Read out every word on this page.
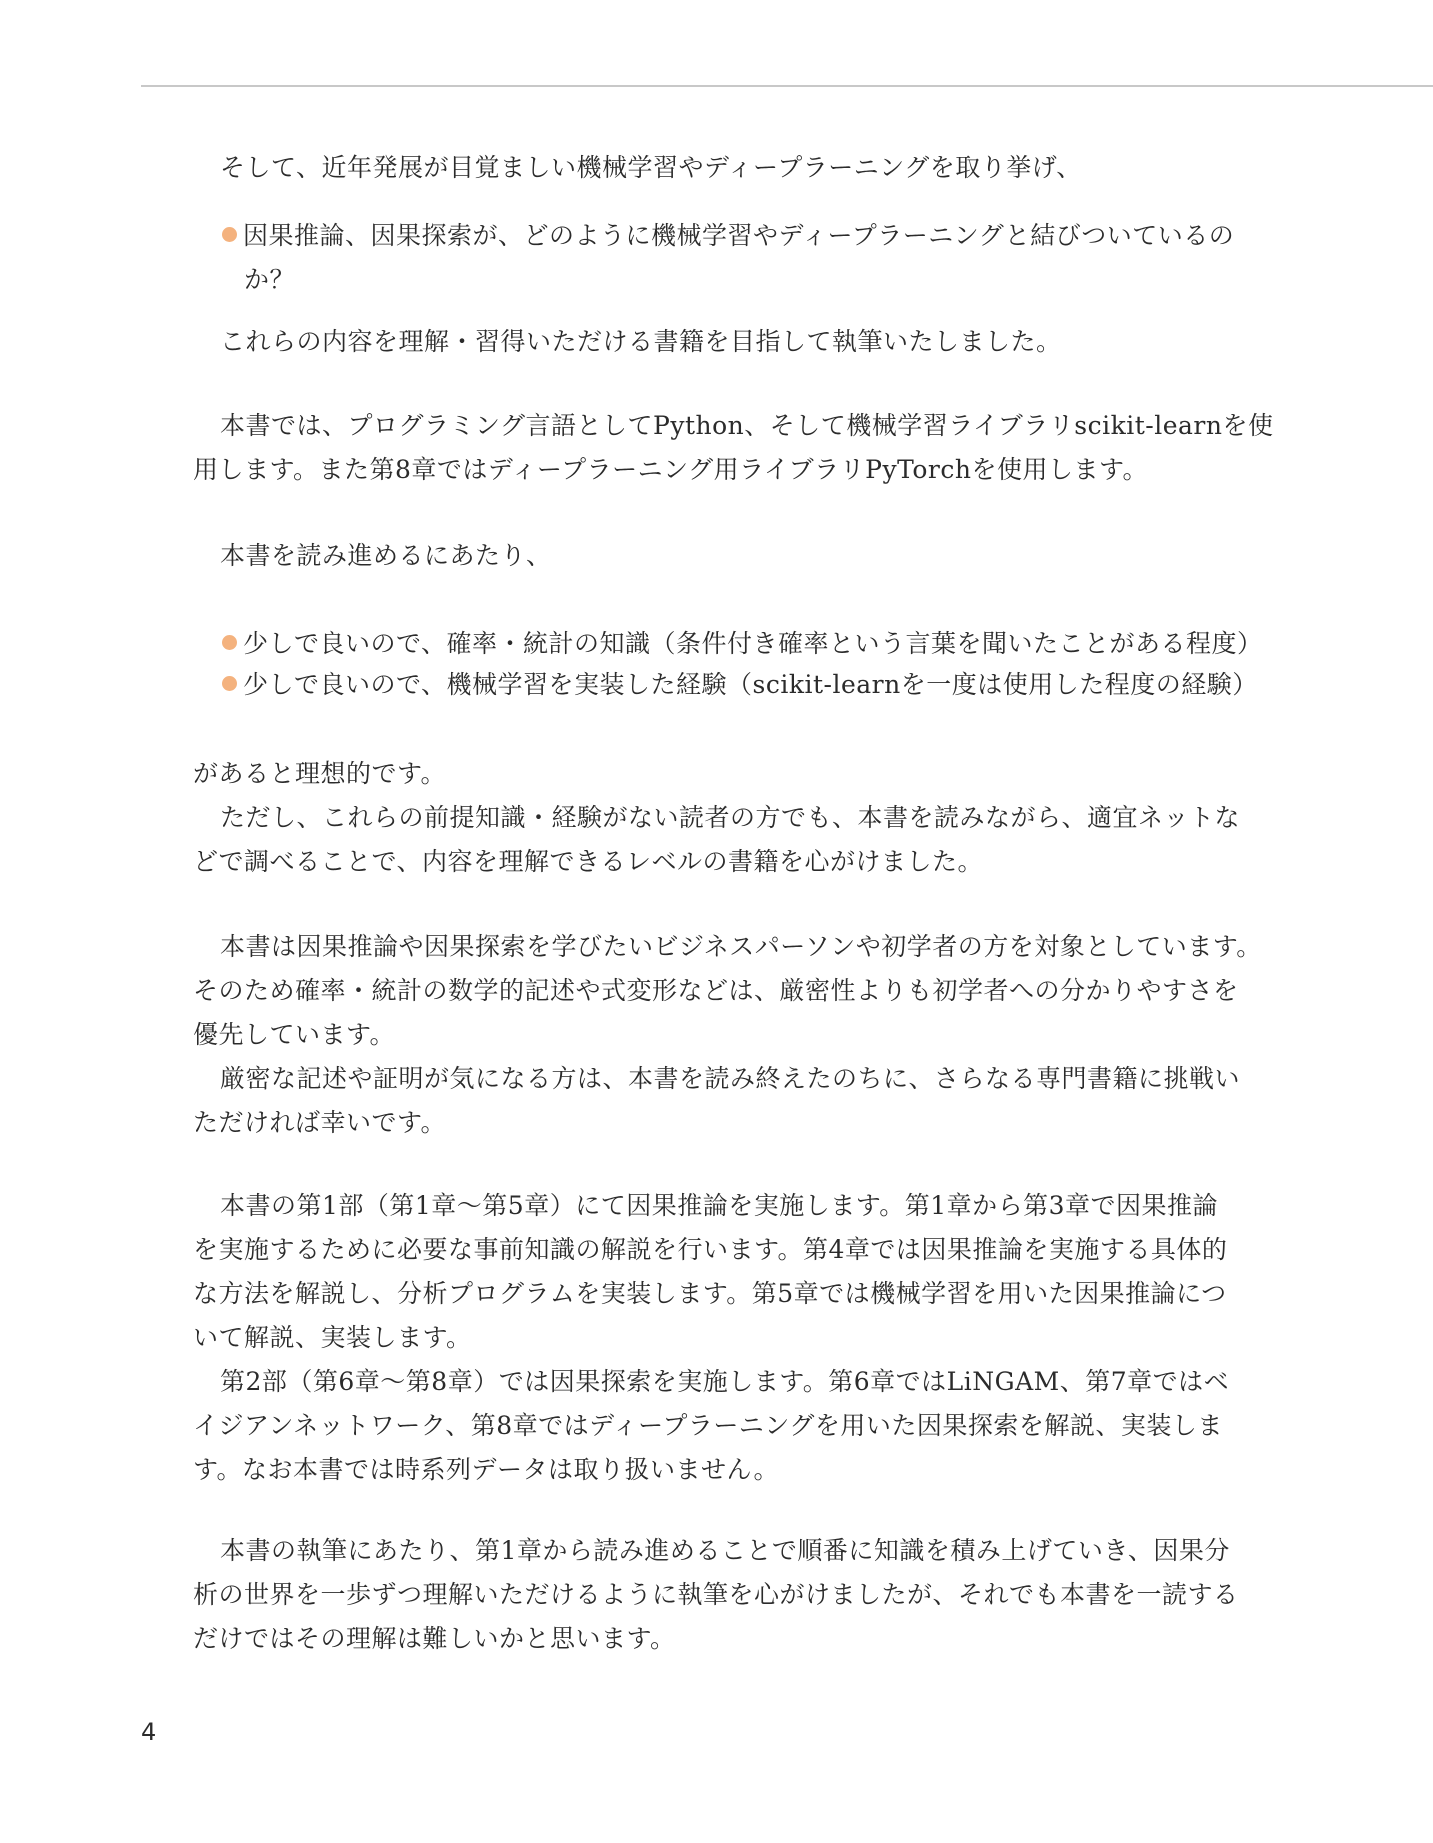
そして、近年発展が目覚ましい機械学習やディープラーニングを取り挙げ、

因果推論、因果探索が、どのように機械学習やディープラーニングと結びついているの
か？

これらの内容を理解・習得いただける書籍を目指して執筆いたしました。

本書では、プログラミング言語としてPython、そして機械学習ライブラリscikit-learnを使
用します。また第8章ではディープラーニング用ライブラリPyTorchを使用します。

本書を読み進めるにあたり、

少しで良いので、確率・統計の知識（条件付き確率という言葉を聞いたことがある程度）
少しで良いので、機械学習を実装した経験（scikit-learnを一度は使用した程度の経験）

があると理想的です。
ただし、これらの前提知識・経験がない読者の方でも、本書を読みながら、適宜ネットな
どで調べることで、内容を理解できるレベルの書籍を心がけました。

本書は因果推論や因果探索を学びたいビジネスパーソンや初学者の方を対象としています。
そのため確率・統計の数学的記述や式変形などは、厳密性よりも初学者への分かりやすさを
優先しています。
厳密な記述や証明が気になる方は、本書を読み終えたのちに、さらなる専門書籍に挑戦い
ただければ幸いです。

本書の第1部（第1章〜第5章）にて因果推論を実施します。第1章から第3章で因果推論
を実施するために必要な事前知識の解説を行います。第4章では因果推論を実施する具体的
な方法を解説し、分析プログラムを実装します。第5章では機械学習を用いた因果推論につ
いて解説、実装します。
第2部（第6章〜第8章）では因果探索を実施します。第6章ではLiNGAM、第7章ではベ
イジアンネットワーク、第8章ではディープラーニングを用いた因果探索を解説、実装しま
す。なお本書では時系列データは取り扱いません。

本書の執筆にあたり、第1章から読み進めることで順番に知識を積み上げていき、因果分
析の世界を一歩ずつ理解いただけるように執筆を心がけましたが、それでも本書を一読する
だけではその理解は難しいかと思います。

4
